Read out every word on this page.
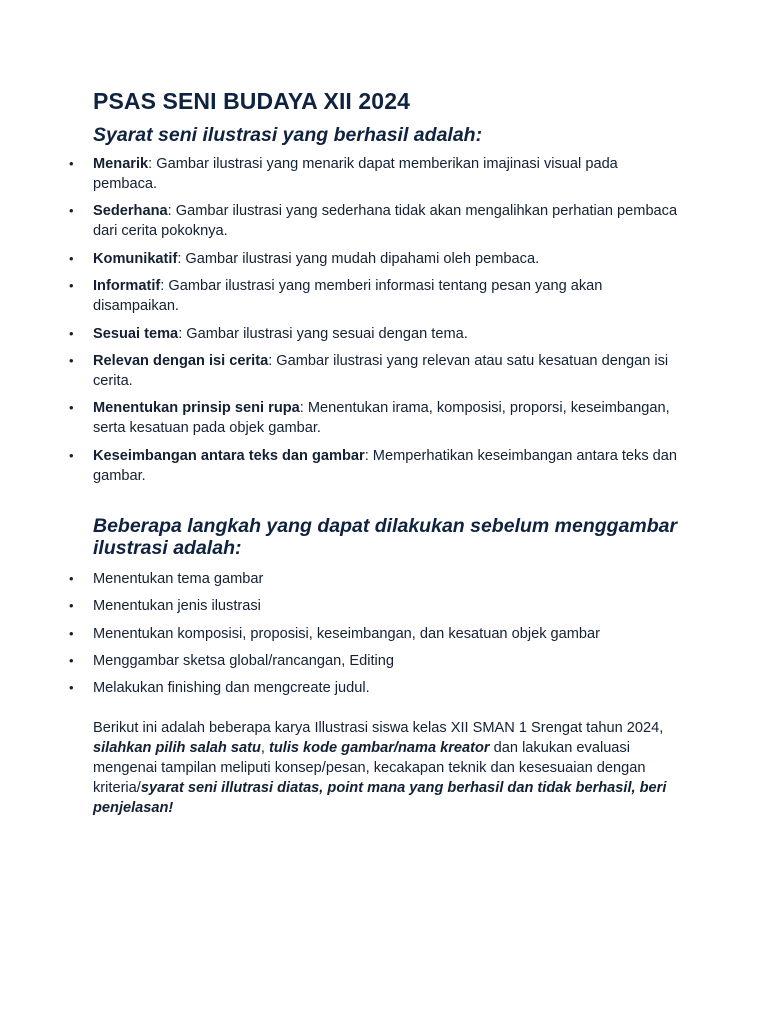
PSAS SENI BUDAYA XII 2024
Syarat seni ilustrasi yang berhasil adalah:
• Menarik: Gambar ilustrasi yang menarik dapat memberikan imajinasi visual pada pembaca.
• Sederhana: Gambar ilustrasi yang sederhana tidak akan mengalihkan perhatian pembaca dari cerita pokoknya.
• Komunikatif: Gambar ilustrasi yang mudah dipahami oleh pembaca.
• Informatif: Gambar ilustrasi yang memberi informasi tentang pesan yang akan disampaikan.
• Sesuai tema: Gambar ilustrasi yang sesuai dengan tema.
• Relevan dengan isi cerita: Gambar ilustrasi yang relevan atau satu kesatuan dengan isi cerita.
• Menentukan prinsip seni rupa: Menentukan irama, komposisi, proporsi, keseimbangan, serta kesatuan pada objek gambar.
• Keseimbangan antara teks dan gambar: Memperhatikan keseimbangan antara teks dan gambar.
Beberapa langkah yang dapat dilakukan sebelum menggambar ilustrasi adalah:
• Menentukan tema gambar
• Menentukan jenis ilustrasi
• Menentukan komposisi, proposisi, keseimbangan, dan kesatuan objek gambar
• Menggambar sketsa global/rancangan, Editing
• Melakukan finishing dan mengcreate judul.

Berikut ini adalah beberapa karya Illustrasi siswa kelas XII SMAN 1 Srengat tahun 2024, silahkan pilih salah satu, tulis kode gambar/nama kreator dan lakukan evaluasi mengenai tampilan meliputi konsep/pesan, kecakapan teknik dan kesesuaian dengan kriteria/syarat seni illutrasi diatas, point mana yang berhasil dan tidak berhasil, beri penjelasan!
